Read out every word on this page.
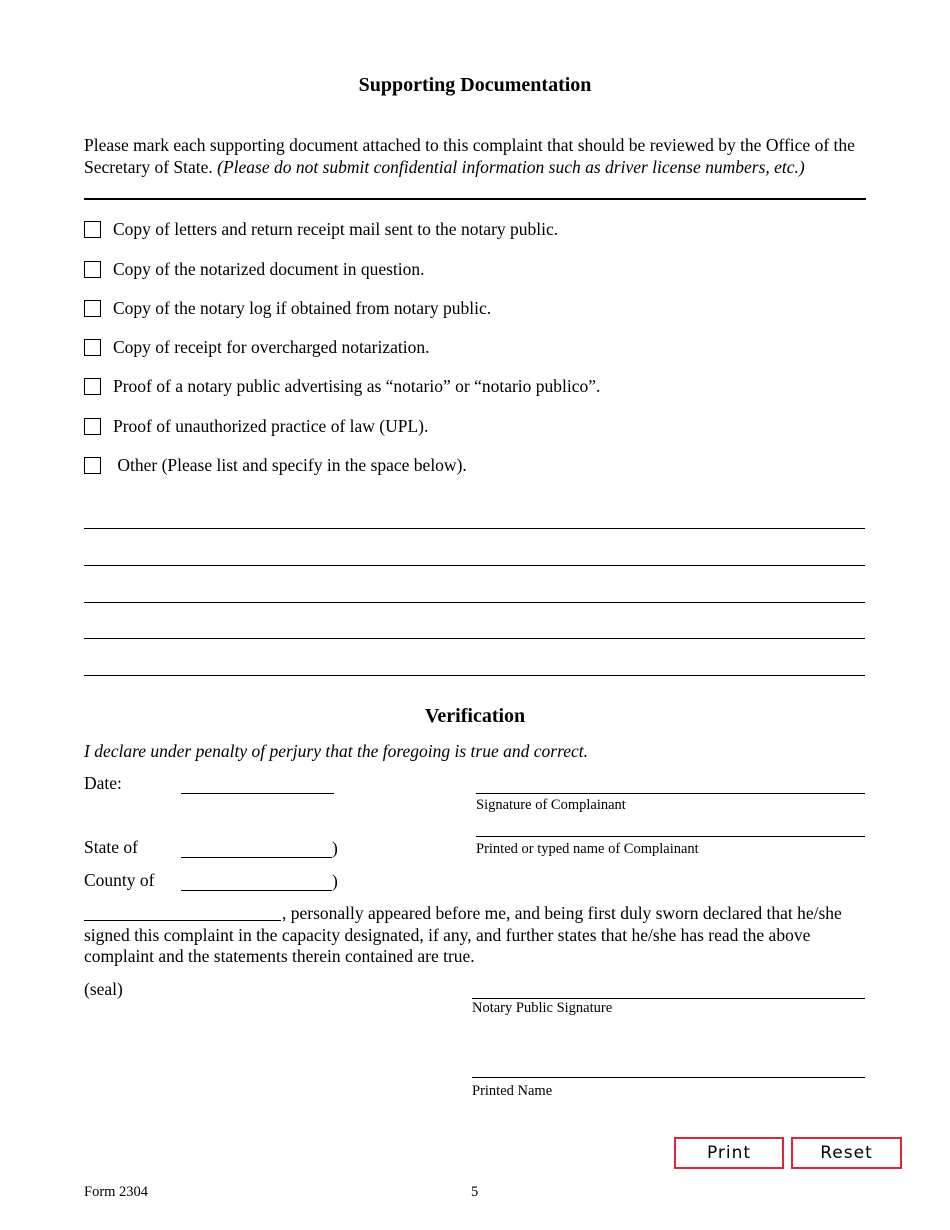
Supporting Documentation
Please mark each supporting document attached to this complaint that should be reviewed by the Office of the Secretary of State. (Please do not submit confidential information such as driver license numbers, etc.)
Copy of letters and return receipt mail sent to the notary public.
Copy of the notarized document in question.
Copy of the notary log if obtained from notary public.
Copy of receipt for overcharged notarization.
Proof of a notary public advertising as “notario” or “notario publico”.
Proof of unauthorized practice of law (UPL).
Other (Please list and specify in the space below).
Verification
I declare under penalty of perjury that the foregoing is true and correct.
Date:
Signature of Complainant
Printed or typed name of Complainant
State of	)
County of	)
, personally appeared before me, and being first duly sworn declared that he/she signed this complaint in the capacity designated, if any, and further states that he/she has read the above complaint and the statements therein contained are true.
(seal)
Notary Public Signature
Printed Name
Print	Reset
Form 2304	5
